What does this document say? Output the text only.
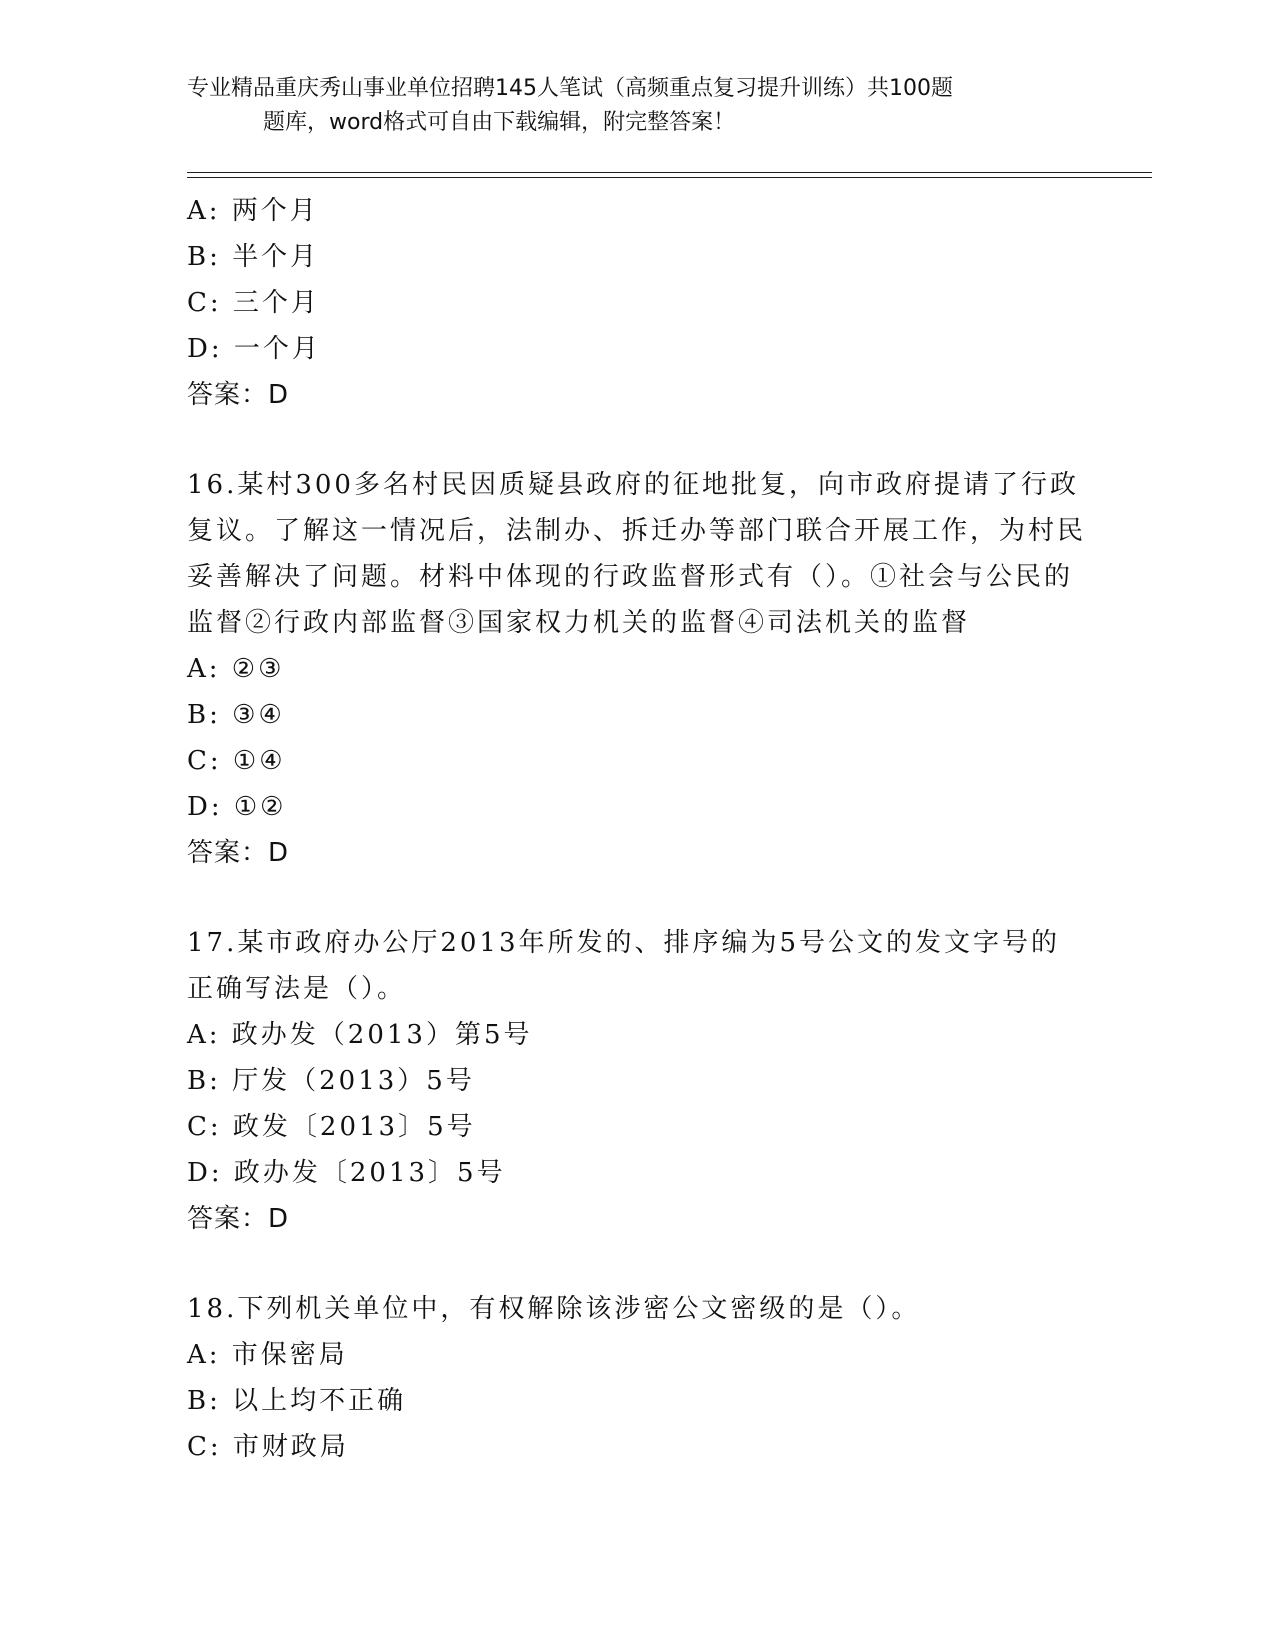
专业精品重庆秀山事业单位招聘145人笔试（高频重点复习提升训练）共100题
题库，word格式可自由下载编辑，附完整答案！
A: 两个月
B: 半个月
C: 三个月
D: 一个月
答案：D
16.某村300多名村民因质疑县政府的征地批复，向市政府提请了行政复议。了解这一情况后，法制办、拆迁办等部门联合开展工作，为村民妥善解决了问题。材料中体现的行政监督形式有（）。①社会与公民的监督②行政内部监督③国家权力机关的监督④司法机关的监督
A: ②③
B: ③④
C: ①④
D: ①②
答案：D
17.某市政府办公厅2013年所发的、排序编为5号公文的发文字号的正确写法是（）。
A: 政办发（2013）第5号
B: 厅发（2013）5号
C: 政发〔2013〕5号
D: 政办发〔2013〕5号
答案：D
18.下列机关单位中，有权解除该涉密公文密级的是（）。
A: 市保密局
B: 以上均不正确
C: 市财政局
